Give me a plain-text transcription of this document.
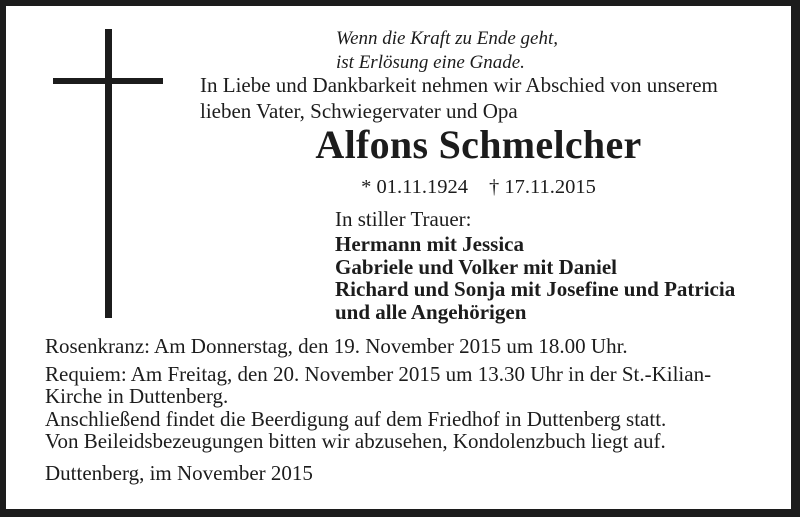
Wenn die Kraft zu Ende geht,
ist Erlösung eine Gnade.
In Liebe und Dankbarkeit nehmen wir Abschied von unserem
lieben Vater, Schwiegervater und Opa
Alfons Schmelcher
* 01.11.1924 † 17.11.2015
In stiller Trauer:
Hermann mit Jessica
Gabriele und Volker mit Daniel
Richard und Sonja mit Josefine und Patricia
und alle Angehörigen

Rosenkranz: Am Donnerstag, den 19. November 2015 um 18.00 Uhr.

Requiem: Am Freitag, den 20. November 2015 um 13.30 Uhr in der St.-Kilian-
Kirche in Duttenberg.
Anschließend findet die Beerdigung auf dem Friedhof in Duttenberg statt.
Von Beileidsbezeugungen bitten wir abzusehen, Kondolenzbuch liegt auf.

Duttenberg, im November 2015
